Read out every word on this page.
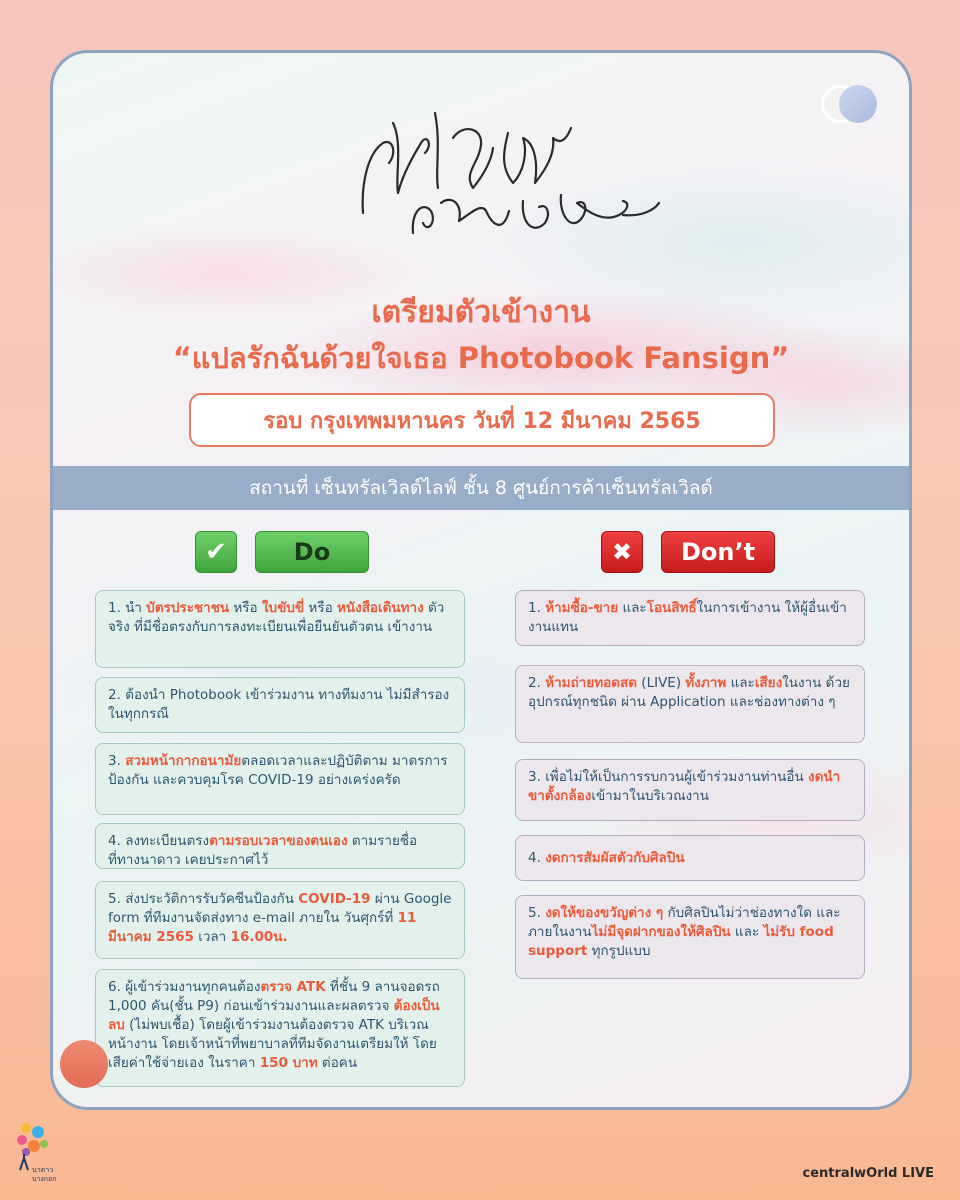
เตรียมตัวเข้างาน
“แปลรักฉันด้วยใจเธอ Photobook Fansign”
รอบ กรุงเทพมหานคร วันที่ 12 มีนาคม 2565
สถานที่ เซ็นทรัลเวิลด์ไลฟ์ ชั้น 8 ศูนย์การค้าเซ็นทรัลเวิลด์
✔	Do	✖	Don’t

1. นำ บัตรประชาชน หรือ ใบขับขี่ หรือ หนังสือเดินทาง ตัวจริง ที่มีชื่อตรงกับการลงทะเบียนเพื่อยืนยันตัวตน เข้างาน

2. ต้องนำ Photobook เข้าร่วมงาน ทางทีมงาน ไม่มีสำรองในทุกกรณี

3. สวมหน้ากากอนามัยตลอดเวลาและปฏิบัติตาม มาตรการป้องกัน และควบคุมโรค COVID-19 อย่างเคร่งครัด

4. ลงทะเบียนตรงตามรอบเวลาของตนเอง ตามรายชื่อ ที่ทางนาดาว เคยประกาศไว้

5. ส่งประวัติการรับวัคซีนป้องกัน COVID-19 ผ่าน Google form ที่ทีมงานจัดส่งทาง e-mail ภายใน วันศุกร์ที่ 11 มีนาคม 2565 เวลา 16.00น.

6. ผู้เข้าร่วมงานทุกคนต้องตรวจ ATK ที่ชั้น 9 ลานจอดรถ 1,000 คัน(ชั้น P9) ก่อนเข้าร่วมงานและผลตรวจ ต้องเป็นลบ (ไม่พบเชื้อ) โดยผู้เข้าร่วมงานต้องตรวจ ATK บริเวณหน้างาน โดยเจ้าหน้าที่พยาบาลที่ทีมจัดงานเตรียมให้ โดยเสียค่าใช้จ่ายเอง ในราคา 150 บาท ต่อคน

1. ห้ามซื้อ-ขาย และโอนสิทธิ์ในการเข้างาน ให้ผู้อื่นเข้างานแทน

2. ห้ามถ่ายทอดสด (LIVE) ทั้งภาพ และเสียงในงาน ด้วยอุปกรณ์ทุกชนิด ผ่าน Application และช่องทางต่าง ๆ

3. เพื่อไม่ให้เป็นการรบกวนผู้เข้าร่วมงานท่านอื่น งดนำขาตั้งกล้องเข้ามาในบริเวณงาน

4. งดการสัมผัสตัวกับศิลปิน

5. งดให้ของขวัญต่าง ๆ กับศิลปินไม่ว่าช่องทางใด และภายในงานไม่มีจุดฝากของให้ศิลปิน และ ไม่รับ food support ทุกรูปแบบ

นาดาว
บางกอก	centralwOrld LIVE
